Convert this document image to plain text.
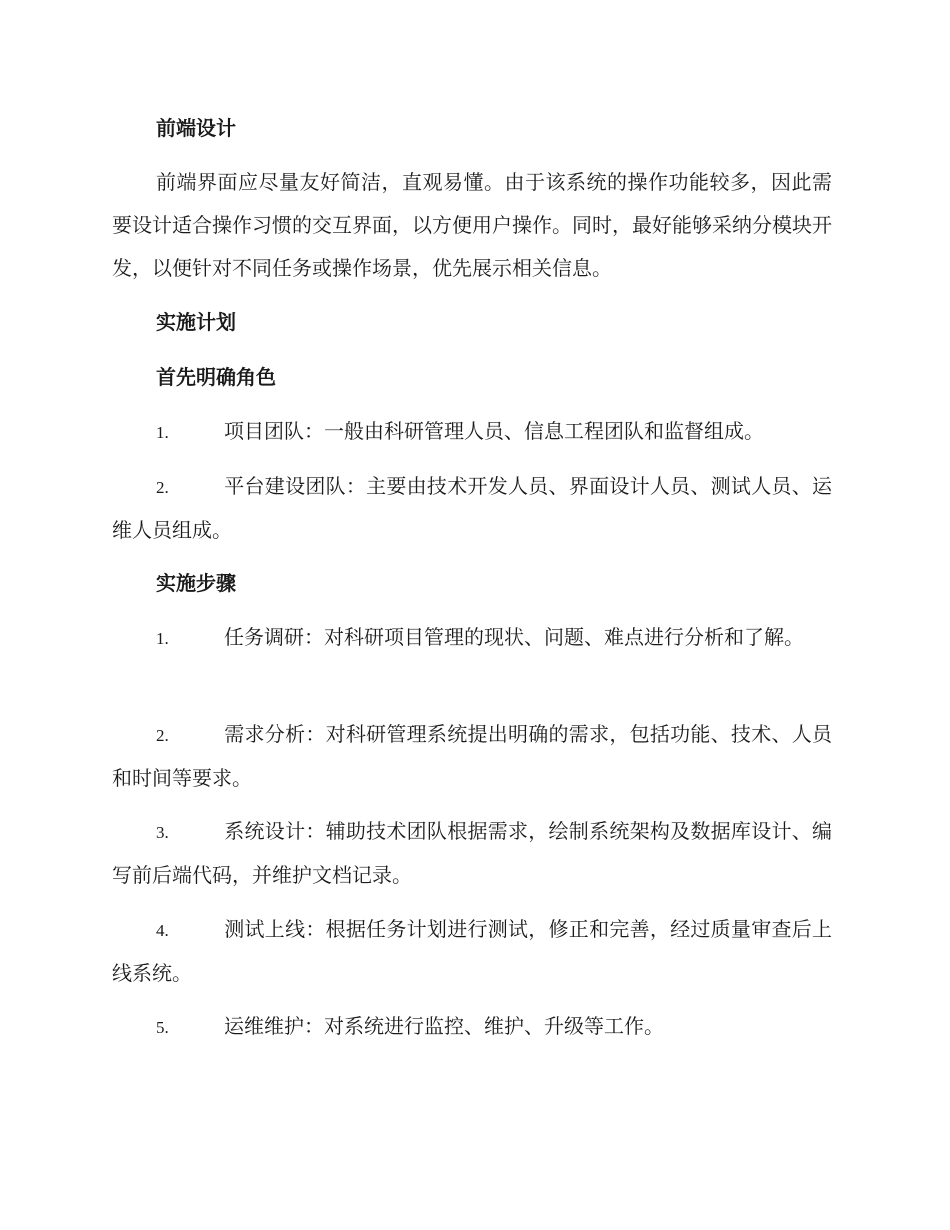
前端设计

前端界面应尽量友好简洁，直观易懂。由于该系统的操作功能较多，因此需要设计适合操作习惯的交互界面，以方便用户操作。同时，最好能够采纳分模块开发，以便针对不同任务或操作场景，优先展示相关信息。

实施计划
首先明确角色

1.	项目团队：一般由科研管理人员、信息工程团队和监督组成。

2.	平台建设团队：主要由技术开发人员、界面设计人员、测试人员、运维人员组成。

实施步骤

1.	任务调研：对科研项目管理的现状、问题、难点进行分析和了解。

2.	需求分析：对科研管理系统提出明确的需求，包括功能、技术、人员和时间等要求。

3.	系统设计：辅助技术团队根据需求，绘制系统架构及数据库设计、编写前后端代码，并维护文档记录。

4.	测试上线：根据任务计划进行测试，修正和完善，经过质量审查后上线系统。

5.	运维维护：对系统进行监控、维护、升级等工作。
